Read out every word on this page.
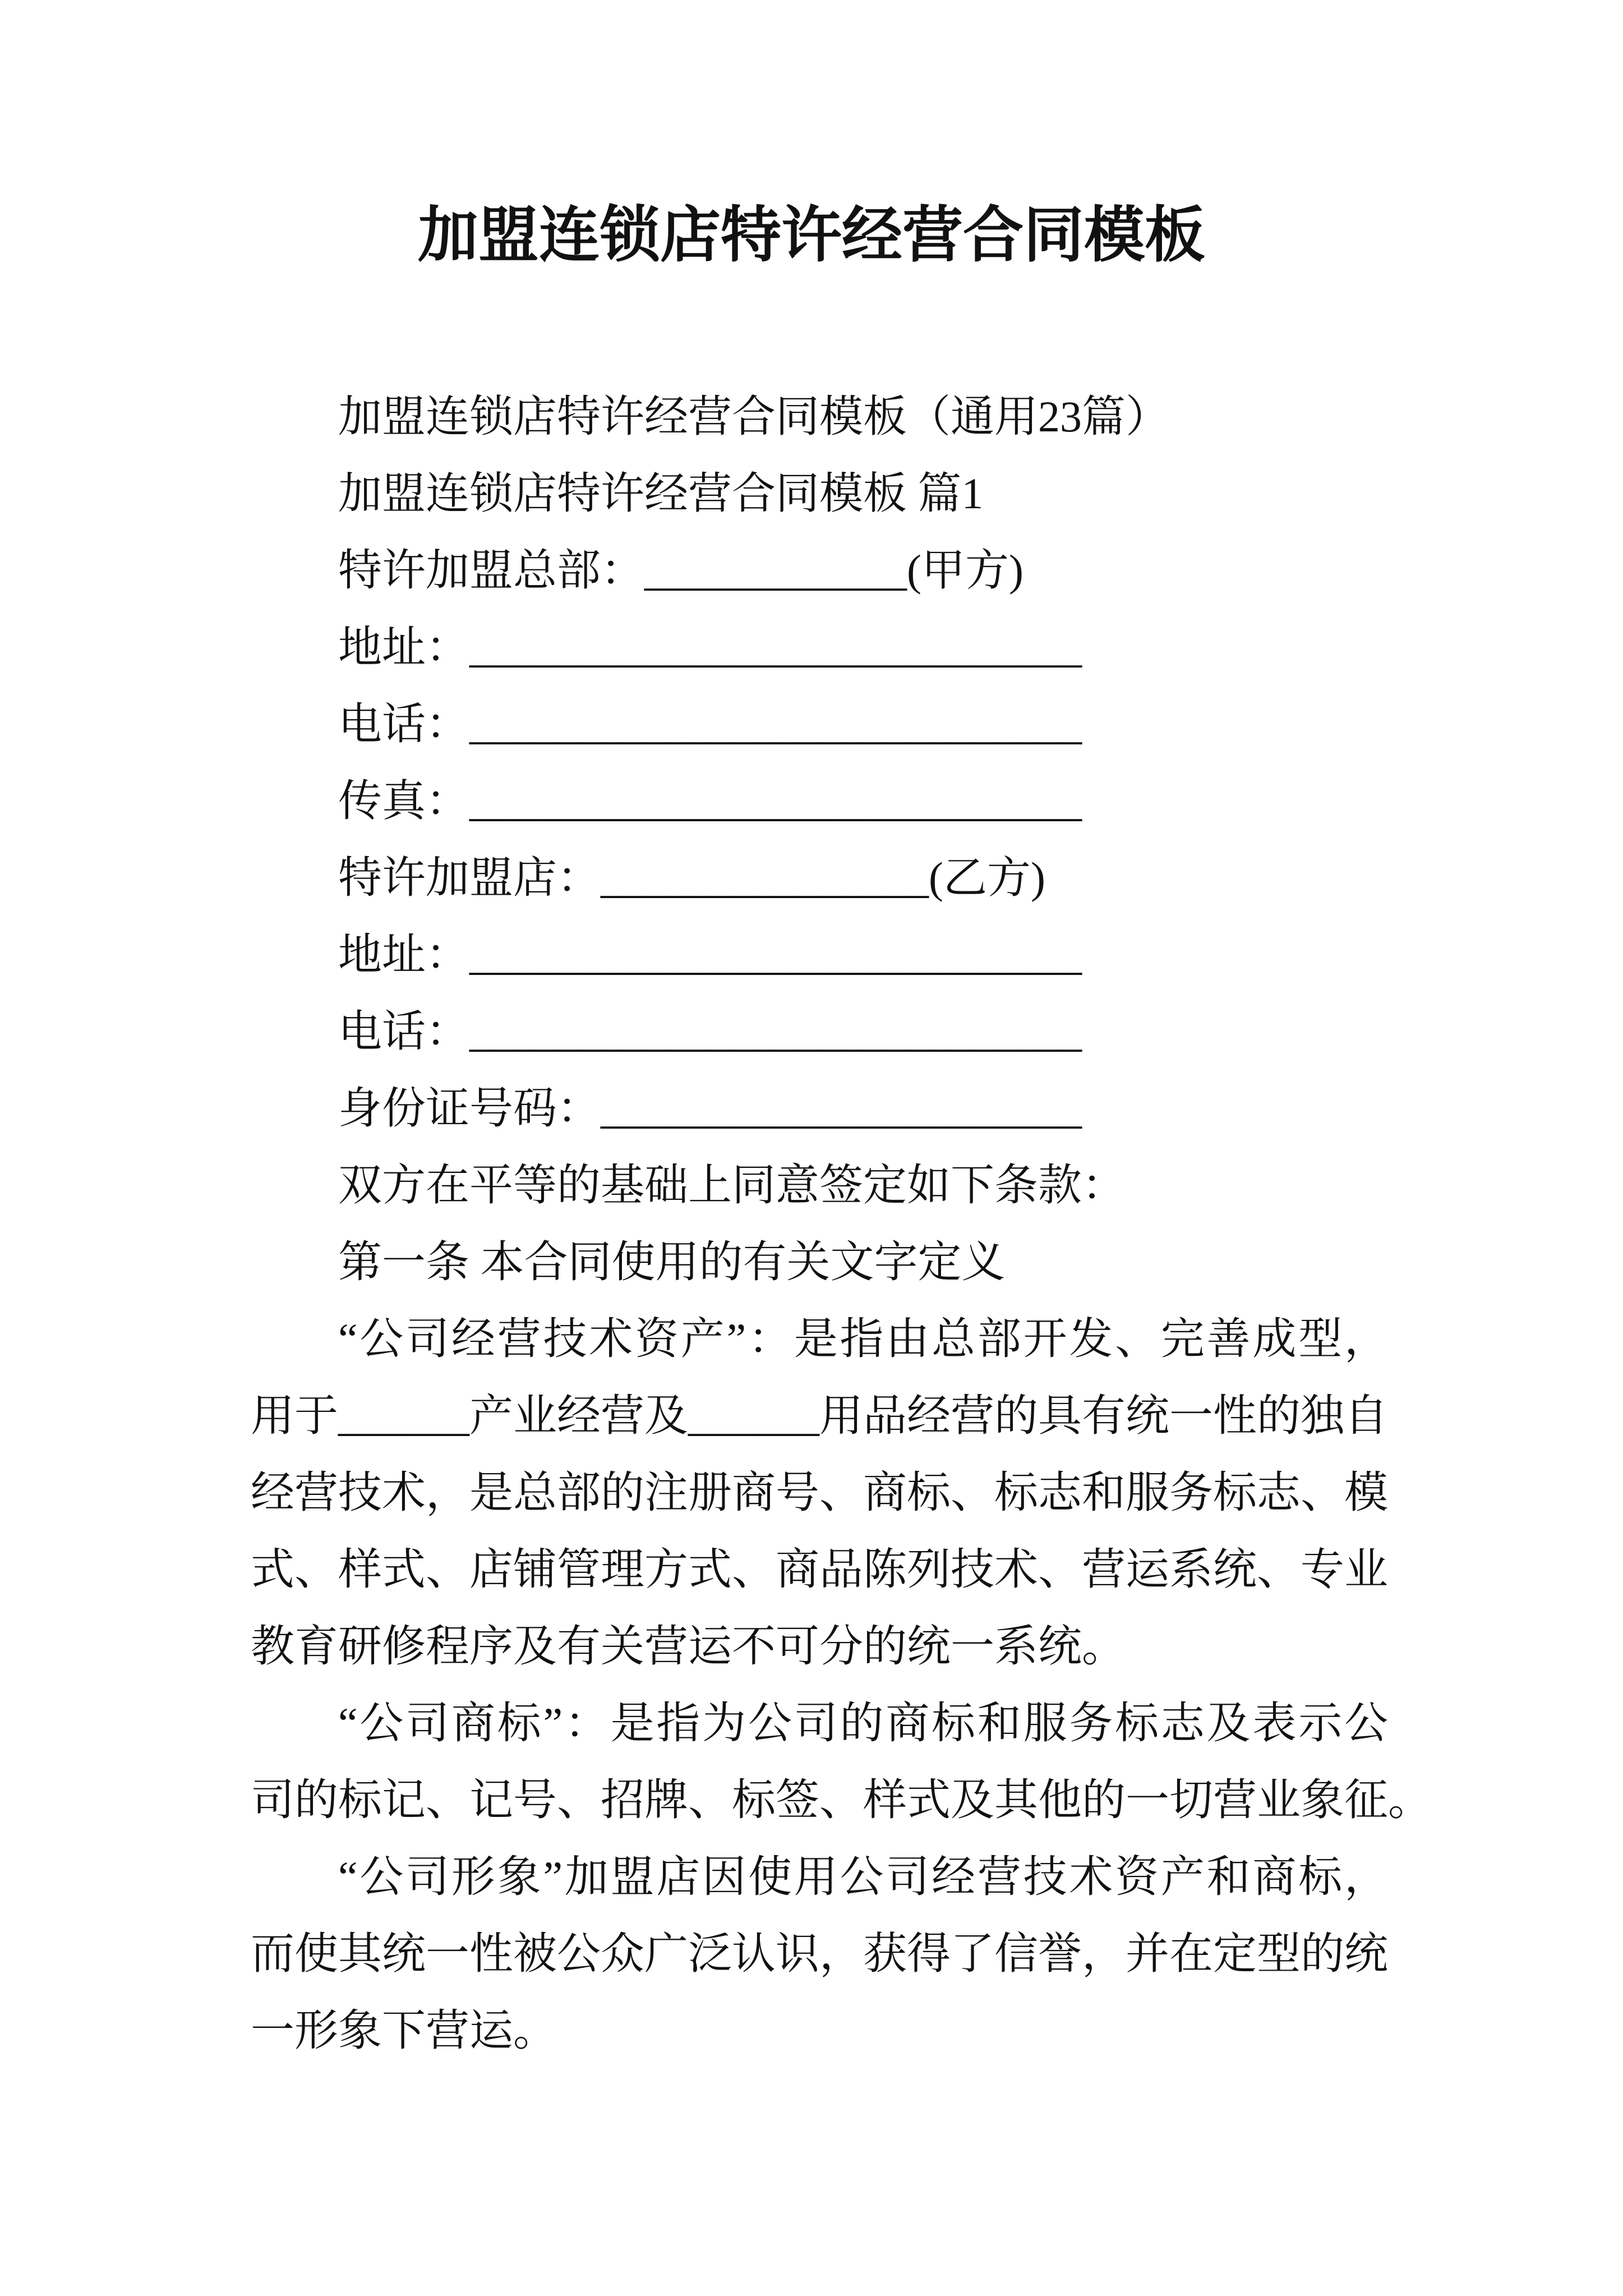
加盟连锁店特许经营合同模板
加盟连锁店特许经营合同模板（通用23篇）
加盟连锁店特许经营合同模板 篇1
特许加盟总部：____________(甲方)
地址：____________________________
电话：____________________________
传真：____________________________
特许加盟店：_______________(乙方)
地址：____________________________
电话：____________________________
身份证号码：______________________
双方在平等的基础上同意签定如下条款：
第一条 本合同使用的有关文字定义
“公司经营技术资产”：是指由总部开发、完善成型，
用于______产业经营及______用品经营的具有统一性的独自
经营技术，是总部的注册商号、商标、标志和服务标志、模
式、样式、店铺管理方式、商品陈列技术、营运系统、专业
教育研修程序及有关营运不可分的统一系统。
“公司商标”：是指为公司的商标和服务标志及表示公
司的标记、记号、招牌、标签、样式及其他的一切营业象征。
“公司形象”加盟店因使用公司经营技术资产和商标，
而使其统一性被公众广泛认识，获得了信誉，并在定型的统
一形象下营运。
